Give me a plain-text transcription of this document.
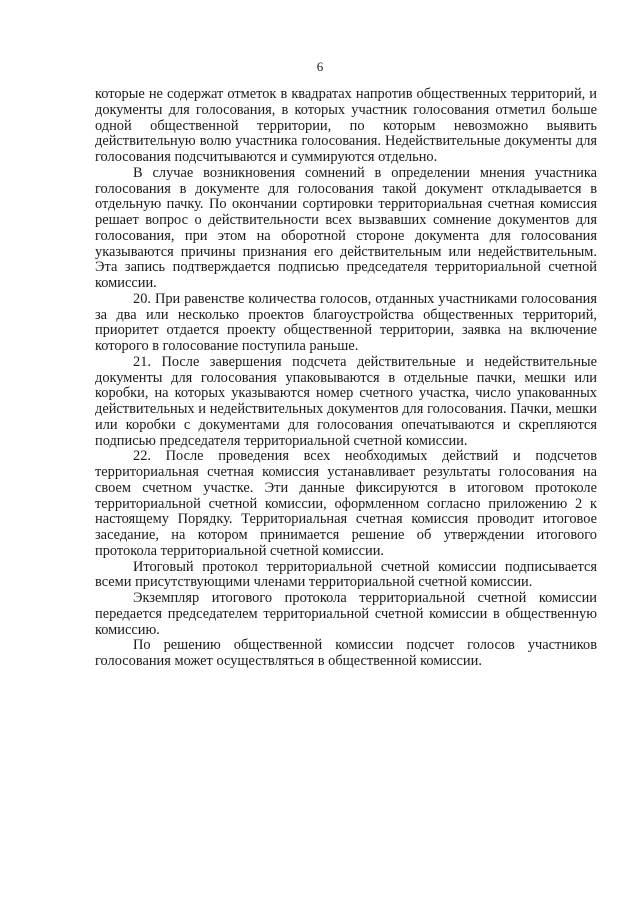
6

которые не содержат отметок в квадратах напротив общественных территорий, и документы для голосования, в которых участник голосования отметил больше одной общественной территории, по которым невозможно выявить действительную волю участника голосования. Недействительные документы для голосования подсчитываются и суммируются отдельно.

В случае возникновения сомнений в определении мнения участника голосования в документе для голосования такой документ откладывается в отдельную пачку. По окончании сортировки территориальная счетная комиссия решает вопрос о действительности всех вызвавших сомнение документов для голосования, при этом на оборотной стороне документа для голосования указываются причины признания его действительным или недействительным. Эта запись подтверждается подписью председателя территориальной счетной комиссии.

20. При равенстве количества голосов, отданных участниками голосования за два или несколько проектов благоустройства общественных территорий, приоритет отдается проекту общественной территории, заявка на включение которого в голосование поступила раньше.

21. После завершения подсчета действительные и недействительные документы для голосования упаковываются в отдельные пачки, мешки или коробки, на которых указываются номер счетного участка, число упакованных действительных и недействительных документов для голосования. Пачки, мешки или коробки с документами для голосования опечатываются и скрепляются подписью председателя территориальной счетной комиссии.

22. После проведения всех необходимых действий и подсчетов территориальная счетная комиссия устанавливает результаты голосования на своем счетном участке. Эти данные фиксируются в итоговом протоколе территориальной счетной комиссии, оформленном согласно приложению 2 к настоящему Порядку. Территориальная счетная комиссия проводит итоговое заседание, на котором принимается решение об утверждении итогового протокола территориальной счетной комиссии.

Итоговый протокол территориальной счетной комиссии подписывается всеми присутствующими членами территориальной счетной комиссии.

Экземпляр итогового протокола территориальной счетной комиссии передается председателем территориальной счетной комиссии в общественную комиссию.

По решению общественной комиссии подсчет голосов участников голосования может осуществляться в общественной комиссии.
